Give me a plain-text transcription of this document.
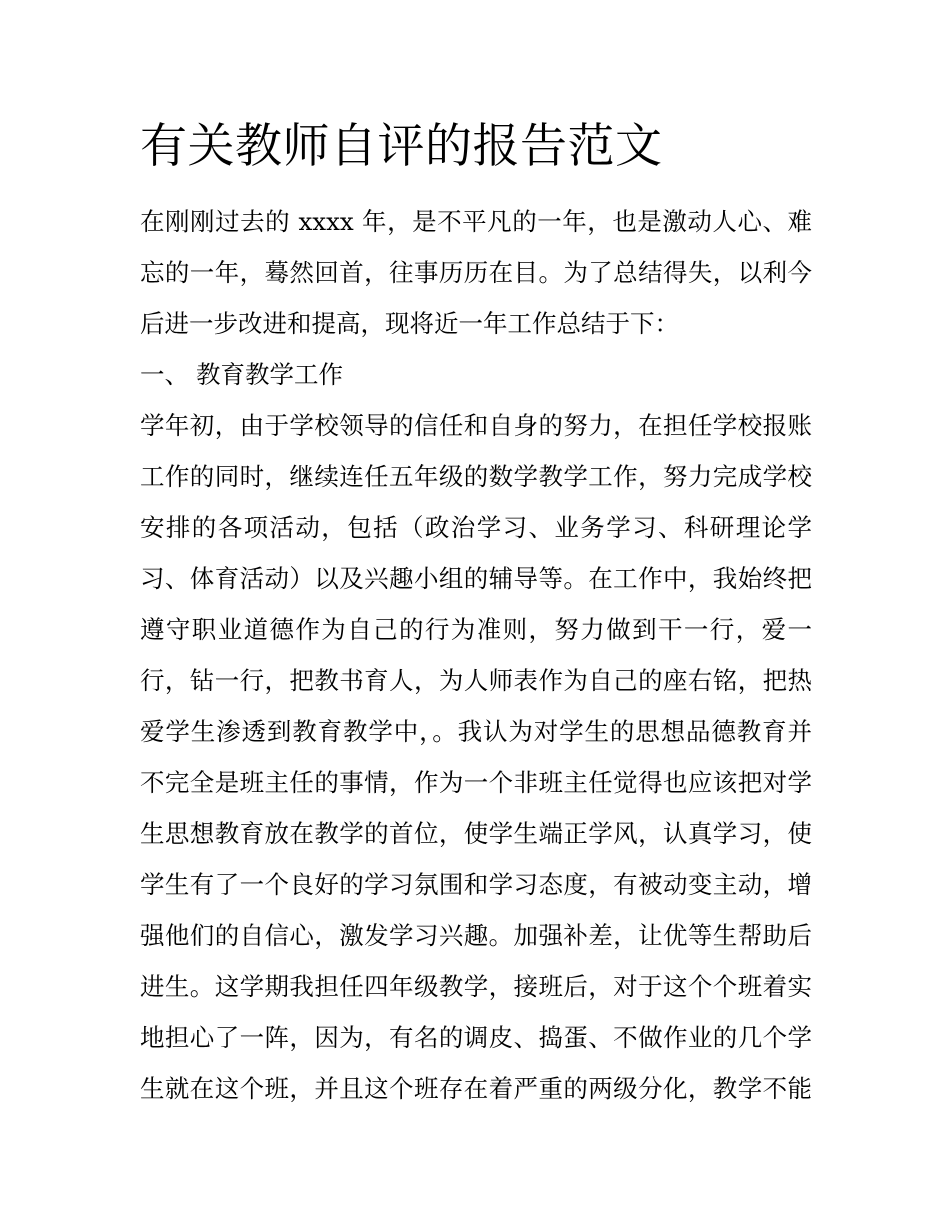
有关教师自评的报告范文

在刚刚过去的 xxxx 年，是不平凡的一年，也是激动人心、难

忘的一年，蓦然回首，往事历历在目。为了总结得失，以利今

后进一步改进和提高，现将近一年工作总结于下：

一、 教育教学工作

学年初，由于学校领导的信任和自身的努力，在担任学校报账

工作的同时，继续连任五年级的数学教学工作，努力完成学校

安排的各项活动，包括（政治学习、业务学习、科研理论学

习、体育活动）以及兴趣小组的辅导等。在工作中，我始终把

遵守职业道德作为自己的行为准则，努力做到干一行，爱一

行，钻一行，把教书育人，为人师表作为自己的座右铭，把热

爱学生渗透到教育教学中，。我认为对学生的思想品德教育并

不完全是班主任的事情，作为一个非班主任觉得也应该把对学

生思想教育放在教学的首位，使学生端正学风，认真学习，使

学生有了一个良好的学习氛围和学习态度，有被动变主动，增

强他们的自信心，激发学习兴趣。加强补差，让优等生帮助后

进生。这学期我担任四年级教学，接班后，对于这个个班着实

地担心了一阵，因为，有名的调皮、捣蛋、不做作业的几个学

生就在这个班，并且这个班存在着严重的两级分化，教学不能
